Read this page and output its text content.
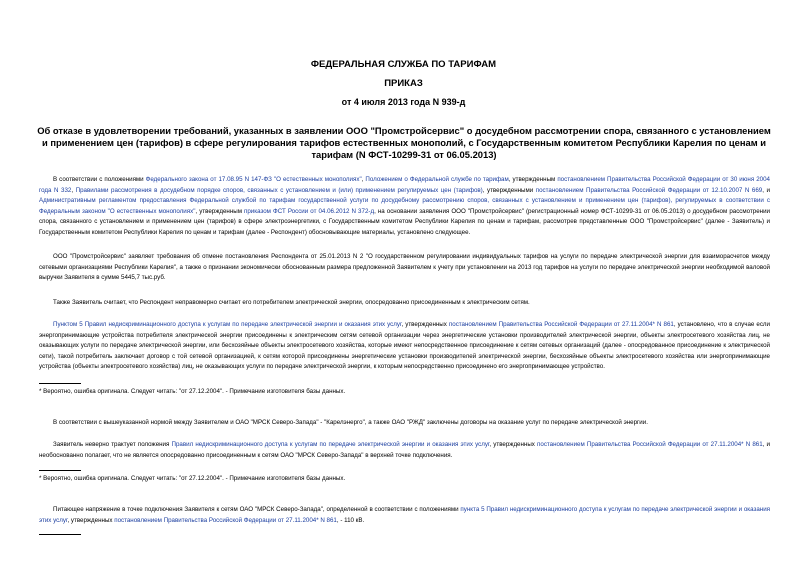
ФЕДЕРАЛЬНАЯ СЛУЖБА ПО ТАРИФАМ
ПРИКАЗ
от 4 июля 2013 года N 939-д
Об отказе в удовлетворении требований, указанных в заявлении ООО "Промстройсервис" о досудебном рассмотрении спора, связанного с установлением и применением цен (тарифов) в сфере регулирования тарифов естественных монополий, с Государственным комитетом Республики Карелия по ценам и тарифам (N ФСТ-10299-31 от 06.05.2013)
В соответствии с положениями Федерального закона от 17.08.95 N 147-ФЗ "О естественных монополиях", Положением о Федеральной службе по тарифам, утвержденным постановлением Правительства Российской Федерации от 30 июня 2004 года N 332, Правилами рассмотрения в досудебном порядке споров, связанных с установлением и (или) применением регулируемых цен (тарифов), утвержденными постановлением Правительства Российской Федерации от 12.10.2007 N 669, и Административным регламентом предоставления Федеральной службой по тарифам государственной услуги по досудебному рассмотрению споров, связанных с установлением и применением цен (тарифов), регулируемых в соответствии с Федеральным законом "О естественных монополиях", утвержденным приказом ФСТ России от 04.06.2012 N 372-д, на основании заявления ООО "Промстройсервис" (регистрационный номер ФСТ-10299-31 от 06.05.2013) о досудебном рассмотрении спора, связанного с установлением и применением цен (тарифов) в сфере электроэнергетики, с Государственным комитетом Республики Карелия по ценам и тарифам, рассмотрев представленные ООО "Промстройсервис" (далее - Заявитель) и Государственным комитетом Республики Карелия по ценам и тарифам (далее - Респондент) обосновывающие материалы, установлено следующее.
ООО "Промстройсервис" заявляет требования об отмене постановления Респондента от 25.01.2013 N 2 "О государственном регулировании индивидуальных тарифов на услуги по передаче электрической энергии для взаиморасчетов между сетевыми организациями Республики Карелия", а также о признании экономически обоснованным размера предложенной Заявителем к учету при установлении на 2013 год тарифов на услуги по передаче электрической энергии необходимой валовой выручки Заявителя в сумме 5445,7 тыс.руб.
Также Заявитель считает, что Респондент неправомерно считает его потребителем электрической энергии, опосредованно присоединенным к электрическим сетям.
Пунктом 5 Правил недискриминационного доступа к услугам по передаче электрической энергии и оказания этих услуг, утвержденных постановлением Правительства Российской Федерации от 27.11.2004* N 861, установлено, что в случае если энергопринимающие устройства потребителя электрической энергии присоединены к электрическим сетям сетевой организации через энергетические установки производителей электрической энергии, объекты электросетевого хозяйства лиц, не оказывающих услуги по передаче электрической энергии, или бесхозяйные объекты электросетевого хозяйства, которые имеют непосредственное присоединение к сетям сетевых организаций (далее - опосредованное присоединение к электрической сети), такой потребитель заключает договор с той сетевой организацией, к сетям которой присоединены энергетические установки производителей электрической энергии, бесхозяйные объекты электросетевого хозяйства или энергопринимающие устройства (объекты электросетевого хозяйства) лиц, не оказывающих услуги по передаче электрической энергии, к которым непосредственно присоединено его энергопринимающее устройство.
* Вероятно, ошибка оригинала. Следует читать: "от 27.12.2004". - Примечание изготовителя базы данных.
В соответствии с вышеуказанной нормой между Заявителем и ОАО "МРСК Северо-Запада" - "Карелэнерго", а также ОАО "РЖД" заключены договоры на оказание услуг по передаче электрической энергии.
Заявитель неверно трактует положения Правил недискриминационного доступа к услугам по передаче электрической энергии и оказания этих услуг, утвержденных постановлением Правительства Российской Федерации от 27.11.2004* N 861, и необоснованно полагает, что не является опосредованно присоединенным к сетям ОАО "МРСК Северо-Запада" в верхней точке подключения.
* Вероятно, ошибка оригинала. Следует читать: "от 27.12.2004". - Примечание изготовителя базы данных.
Питающее напряжение в точке подключения Заявителя к сетям ОАО "МРСК Северо-Запада", определенной в соответствии с положениями пункта 5 Правил недискриминационного доступа к услугам по передаче электрической энергии и оказания этих услуг, утвержденных постановлением Правительства Российской Федерации от 27.11.2004* N 861, - 110 кВ.
